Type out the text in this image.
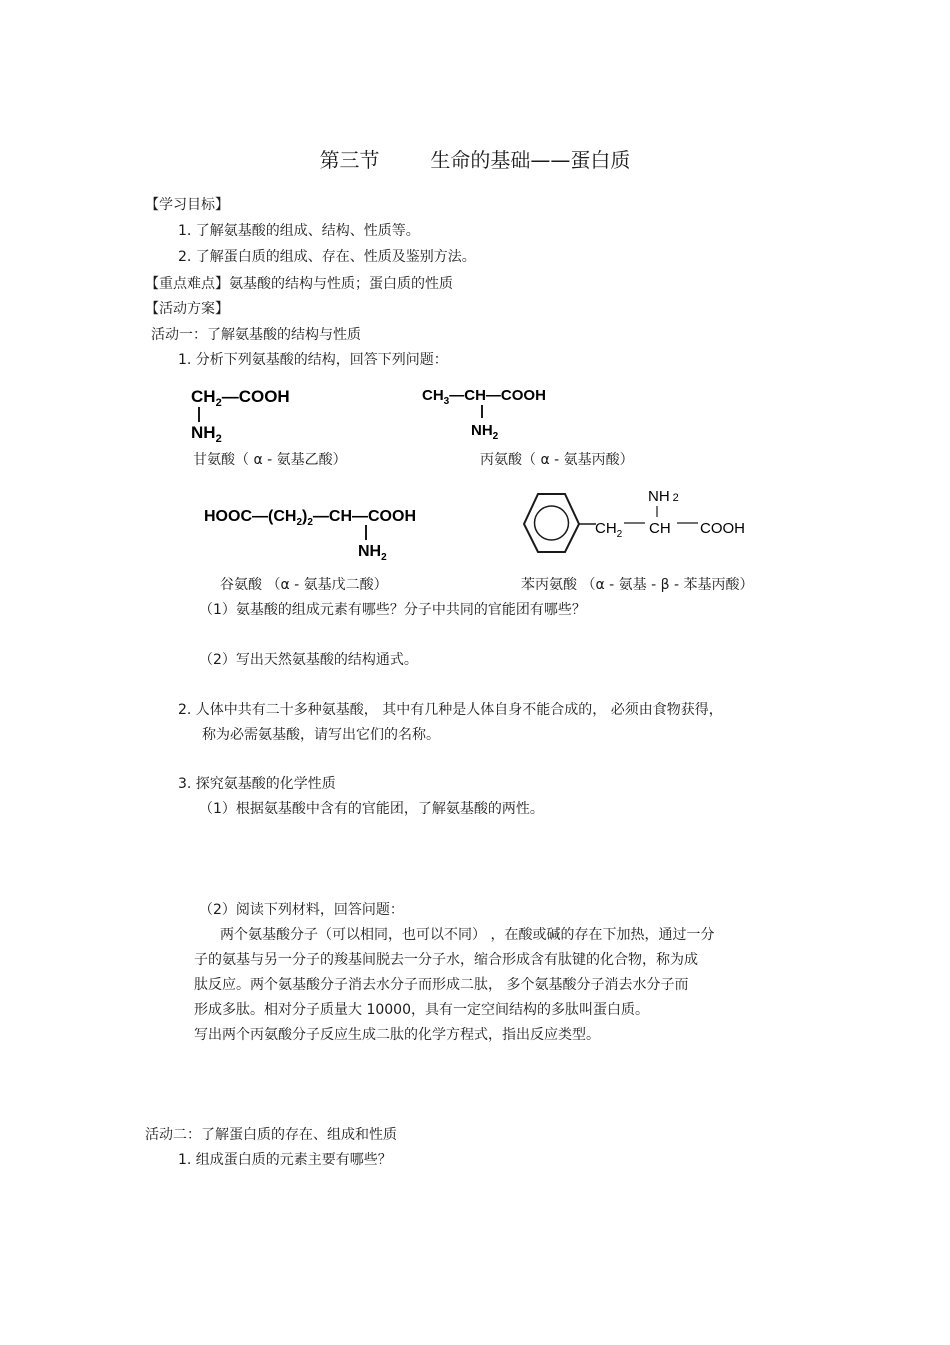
第三节        生命的基础——蛋白质
【学习目标】
1. 了解氨基酸的组成、结构、性质等。
2. 了解蛋白质的组成、存在、性质及鉴别方法。
【重点难点】氨基酸的结构与性质；蛋白质的性质
【活动方案】
活动一：了解氨基酸的结构与性质
1. 分析下列氨基酸的结构，回答下列问题：
$CH_2—COOH$
$NH_2$
甘氨酸（ α - 氨基乙酸）
$CH_3—CH—COOH$
$NH_2$
丙氨酸（ α - 氨基丙酸）
$HOOC—(CH_2)_2—CH—COOH$
$NH_2$
谷氨酸 （α - 氨基戊二酸）
$CH_2$ CH COOH
NH 2
苯丙氨酸 （α - 氨基 - β - 苯基丙酸）
（1）氨基酸的组成元素有哪些？分子中共同的官能团有哪些？
（2）写出天然氨基酸的结构通式。
2. 人体中共有二十多种氨基酸， 其中有几种是人体自身不能合成的， 必须由食物获得，
称为必需氨基酸，请写出它们的名称。
3. 探究氨基酸的化学性质
（1）根据氨基酸中含有的官能团，了解氨基酸的两性。
（2）阅读下列材料，回答问题：
两个氨基酸分子（可以相同，也可以不同） ，在酸或碱的存在下加热，通过一分
子的氨基与另一分子的羧基间脱去一分子水，缩合形成含有肽键的化合物，称为成
肽反应。两个氨基酸分子消去水分子而形成二肽， 多个氨基酸分子消去水分子而
形成多肽。相对分子质量大 10000，具有一定空间结构的多肽叫蛋白质。
写出两个丙氨酸分子反应生成二肽的化学方程式，指出反应类型。
活动二：了解蛋白质的存在、组成和性质
1. 组成蛋白质的元素主要有哪些？
